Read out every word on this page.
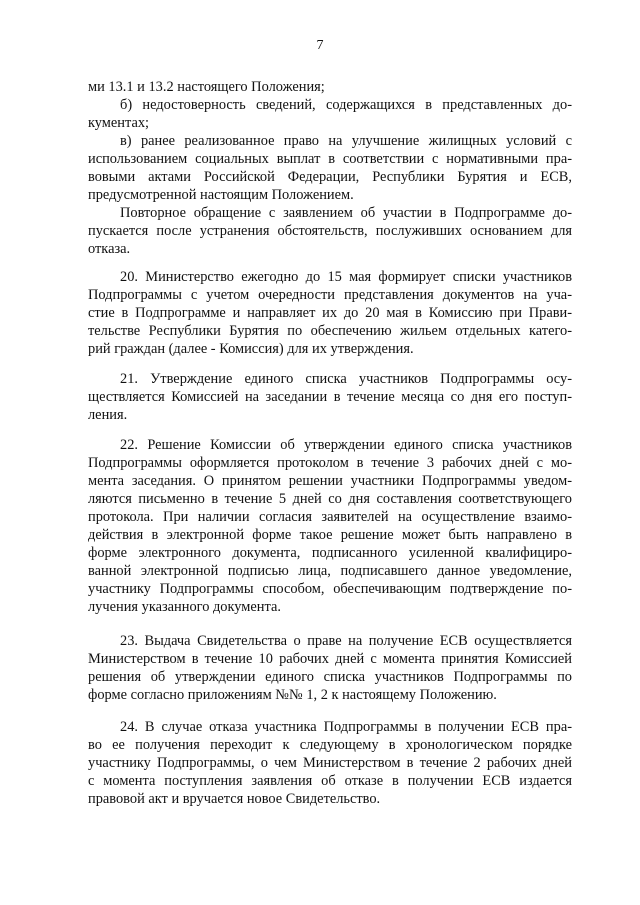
7
ми 13.1 и 13.2 настоящего Положения;
б) недостоверность сведений, содержащихся в представленных до-
кументах;
в) ранее реализованное право на улучшение жилищных условий с
использованием социальных выплат в соответствии с нормативными пра-
вовыми актами Российской Федерации, Республики Бурятия и ЕСВ,
предусмотренной настоящим Положением.
Повторное обращение с заявлением об участии в Подпрограмме до-
пускается после устранения обстоятельств, послуживших основанием для
отказа.
20. Министерство ежегодно до 15 мая формирует списки участников
Подпрограммы с учетом очередности представления документов на уча-
стие в Подпрограмме и направляет их до 20 мая в Комиссию при Прави-
тельстве Республики Бурятия по обеспечению жильем отдельных катего-
рий граждан (далее - Комиссия) для их утверждения.
21. Утверждение единого списка участников Подпрограммы осу-
ществляется Комиссией на заседании в течение месяца со дня его поступ-
ления.
22. Решение Комиссии об утверждении единого списка участников
Подпрограммы оформляется протоколом в течение 3 рабочих дней с мо-
мента заседания. О принятом решении участники Подпрограммы уведом-
ляются письменно в течение 5 дней со дня составления соответствующего
протокола. При наличии согласия заявителей на осуществление взаимо-
действия в электронной форме такое решение может быть направлено в
форме электронного документа, подписанного усиленной квалифициро-
ванной электронной подписью лица, подписавшего данное уведомление,
участнику Подпрограммы способом, обеспечивающим подтверждение по-
лучения указанного документа.
23. Выдача Свидетельства о праве на получение ЕСВ осуществляется
Министерством в течение 10 рабочих дней с момента принятия Комиссией
решения об утверждении единого списка участников Подпрограммы по
форме согласно приложениям №№ 1, 2 к настоящему Положению.
24. В случае отказа участника Подпрограммы в получении ЕСВ пра-
во ее получения переходит к следующему в хронологическом порядке
участнику Подпрограммы, о чем Министерством в течение 2 рабочих дней
с момента поступления заявления об отказе в получении ЕСВ издается
правовой акт и вручается новое Свидетельство.
